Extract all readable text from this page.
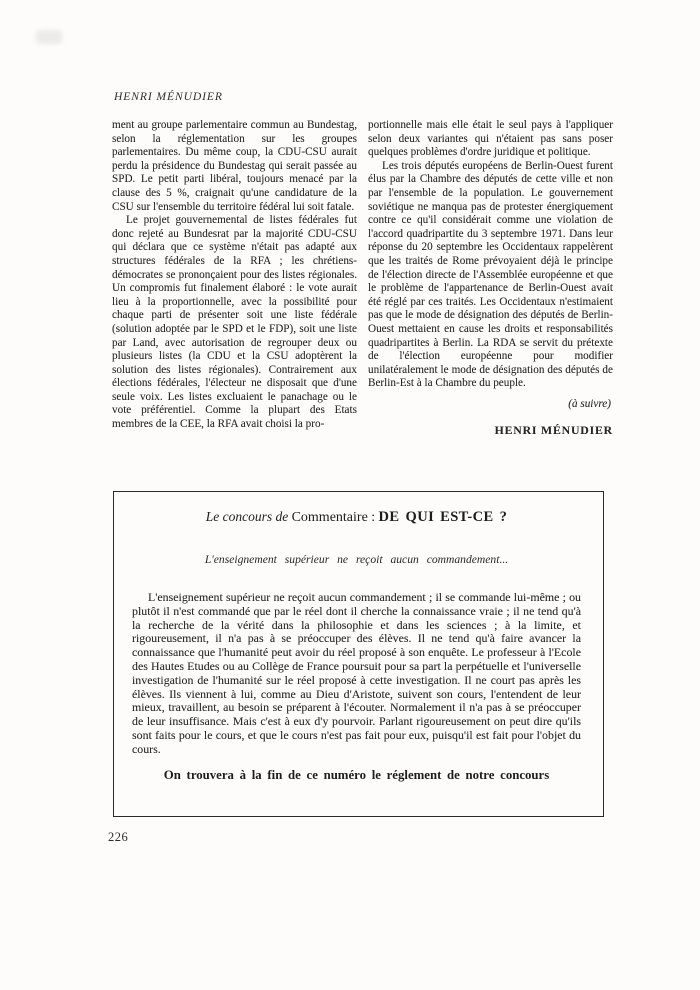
HENRI MÉNUDIER

ment au groupe parlementaire commun au Bundestag, selon la réglementation sur les groupes parlementaires. Du même coup, la CDU-CSU aurait perdu la présidence du Bundestag qui serait passée au SPD. Le petit parti libéral, toujours menacé par la clause des 5 %, craignait qu'une candidature de la CSU sur l'ensemble du territoire fédéral lui soit fatale.

Le projet gouvernemental de listes fédérales fut donc rejeté au Bundesrat par la majorité CDU-CSU qui déclara que ce système n'était pas adapté aux structures fédérales de la RFA ; les chrétiens-démocrates se prononçaient pour des listes régionales. Un compromis fut finalement élaboré : le vote aurait lieu à la proportionnelle, avec la possibilité pour chaque parti de présenter soit une liste fédérale (solution adoptée par le SPD et le FDP), soit une liste par Land, avec autorisation de regrouper deux ou plusieurs listes (la CDU et la CSU adoptèrent la solution des listes régionales). Contrairement aux élections fédérales, l'électeur ne disposait que d'une seule voix. Les listes excluaient le panachage ou le vote préférentiel. Comme la plupart des Etats membres de la CEE, la RFA avait choisi la pro-

portionnelle mais elle était le seul pays à l'appliquer selon deux variantes qui n'étaient pas sans poser quelques problèmes d'ordre juridique et politique.

Les trois députés européens de Berlin-Ouest furent élus par la Chambre des députés de cette ville et non par l'ensemble de la population. Le gouvernement soviétique ne manqua pas de protester énergiquement contre ce qu'il considérait comme une violation de l'accord quadripartite du 3 septembre 1971. Dans leur réponse du 20 septembre les Occidentaux rappelèrent que les traités de Rome prévoyaient déjà le principe de l'élection directe de l'Assemblée européenne et que le problème de l'appartenance de Berlin-Ouest avait été réglé par ces traités. Les Occidentaux n'estimaient pas que le mode de désignation des députés de Berlin-Ouest mettaient en cause les droits et responsabilités quadripartites à Berlin. La RDA se servit du prétexte de l'élection européenne pour modifier unilatéralement le mode de désignation des députés de Berlin-Est à la Chambre du peuple.

(à suivre)

HENRI MÉNUDIER

Le concours de Commentaire : DE QUI EST-CE ?
L'enseignement supérieur ne reçoit aucun commandement...
L'enseignement supérieur ne reçoit aucun commandement ; il se commande lui-même ; ou plutôt il n'est commandé que par le réel dont il cherche la connaissance vraie ; il ne tend qu'à la recherche de la vérité dans la philosophie et dans les sciences ; à la limite, et rigoureusement, il n'a pas à se préoccuper des élèves. Il ne tend qu'à faire avancer la connaissance que l'humanité peut avoir du réel proposé à son enquête. Le professeur à l'Ecole des Hautes Etudes ou au Collège de France poursuit pour sa part la perpétuelle et l'universelle investigation de l'humanité sur le réel proposé à cette investigation. Il ne court pas après les élèves. Ils viennent à lui, comme au Dieu d'Aristote, suivent son cours, l'entendent de leur mieux, travaillent, au besoin se préparent à l'écouter. Normalement il n'a pas à se préoccuper de leur insuffisance. Mais c'est à eux d'y pourvoir. Parlant rigoureusement on peut dire qu'ils sont faits pour le cours, et que le cours n'est pas fait pour eux, puisqu'il est fait pour l'objet du cours.
On trouvera à la fin de ce numéro le réglement de notre concours
226
